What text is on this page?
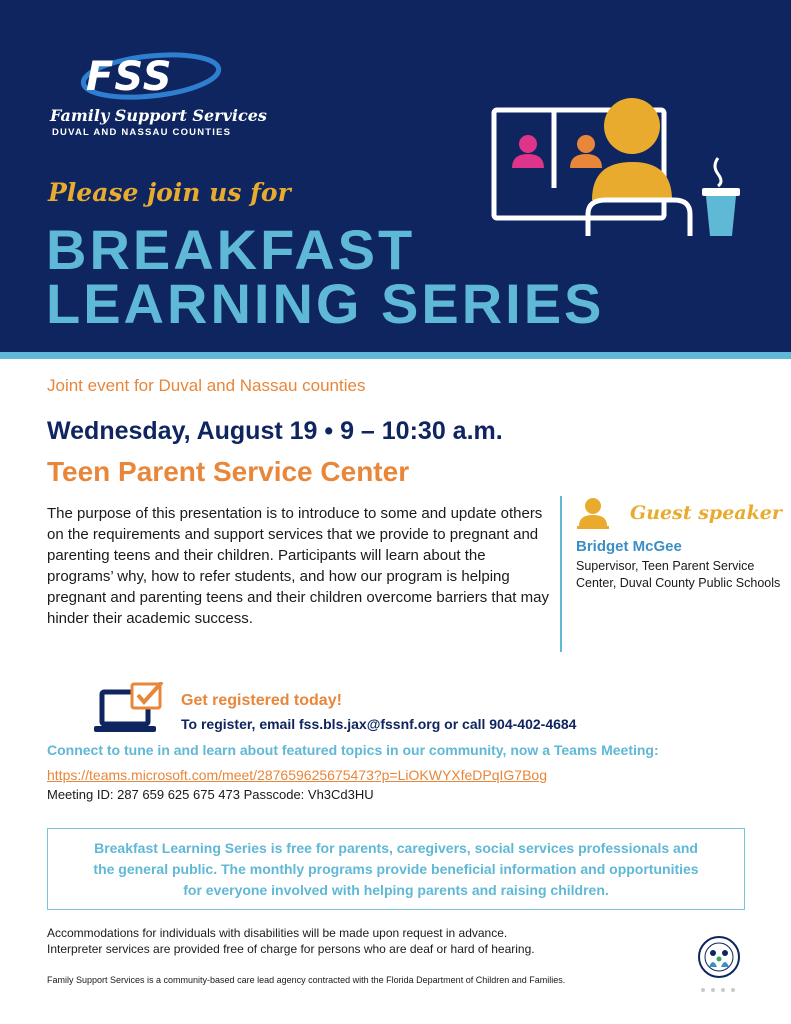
FSS
Family Support Services
DUVAL AND NASSAU COUNTIES
Please join us for
BREAKFAST
LEARNING SERIES
Joint event for Duval and Nassau counties
Wednesday, August 19 • 9 – 10:30 a.m.
Teen Parent Service Center
The purpose of this presentation is to introduce to some and update others on the requirements and support services that we provide to pregnant and parenting teens and their children. Participants will learn about the programs’ why, how to refer students, and how our program is helping pregnant and parenting teens and their children overcome barriers that may hinder their academic success.
Guest speaker
Bridget McGee
Supervisor, Teen Parent Service Center, Duval County Public Schools
Get registered today!
To register, email fss.bls.jax@fssnf.org or call 904-402-4684
Connect to tune in and learn about featured topics in our community, now a Teams Meeting:
https://teams.microsoft.com/meet/287659625675473?p=LiOKWYXfeDPqIG7Bog
Meeting ID: 287 659 625 675 473 Passcode: Vh3Cd3HU

Breakfast Learning Series is free for parents, caregivers, social services professionals and the general public. The monthly programs provide beneficial information and opportunities for everyone involved with helping parents and raising children.

Accommodations for individuals with disabilities will be made upon request in advance.
Interpreter services are provided free of charge for persons who are deaf or hard of hearing.
Family Support Services is a community-based care lead agency contracted with the Florida Department of Children and Families.
